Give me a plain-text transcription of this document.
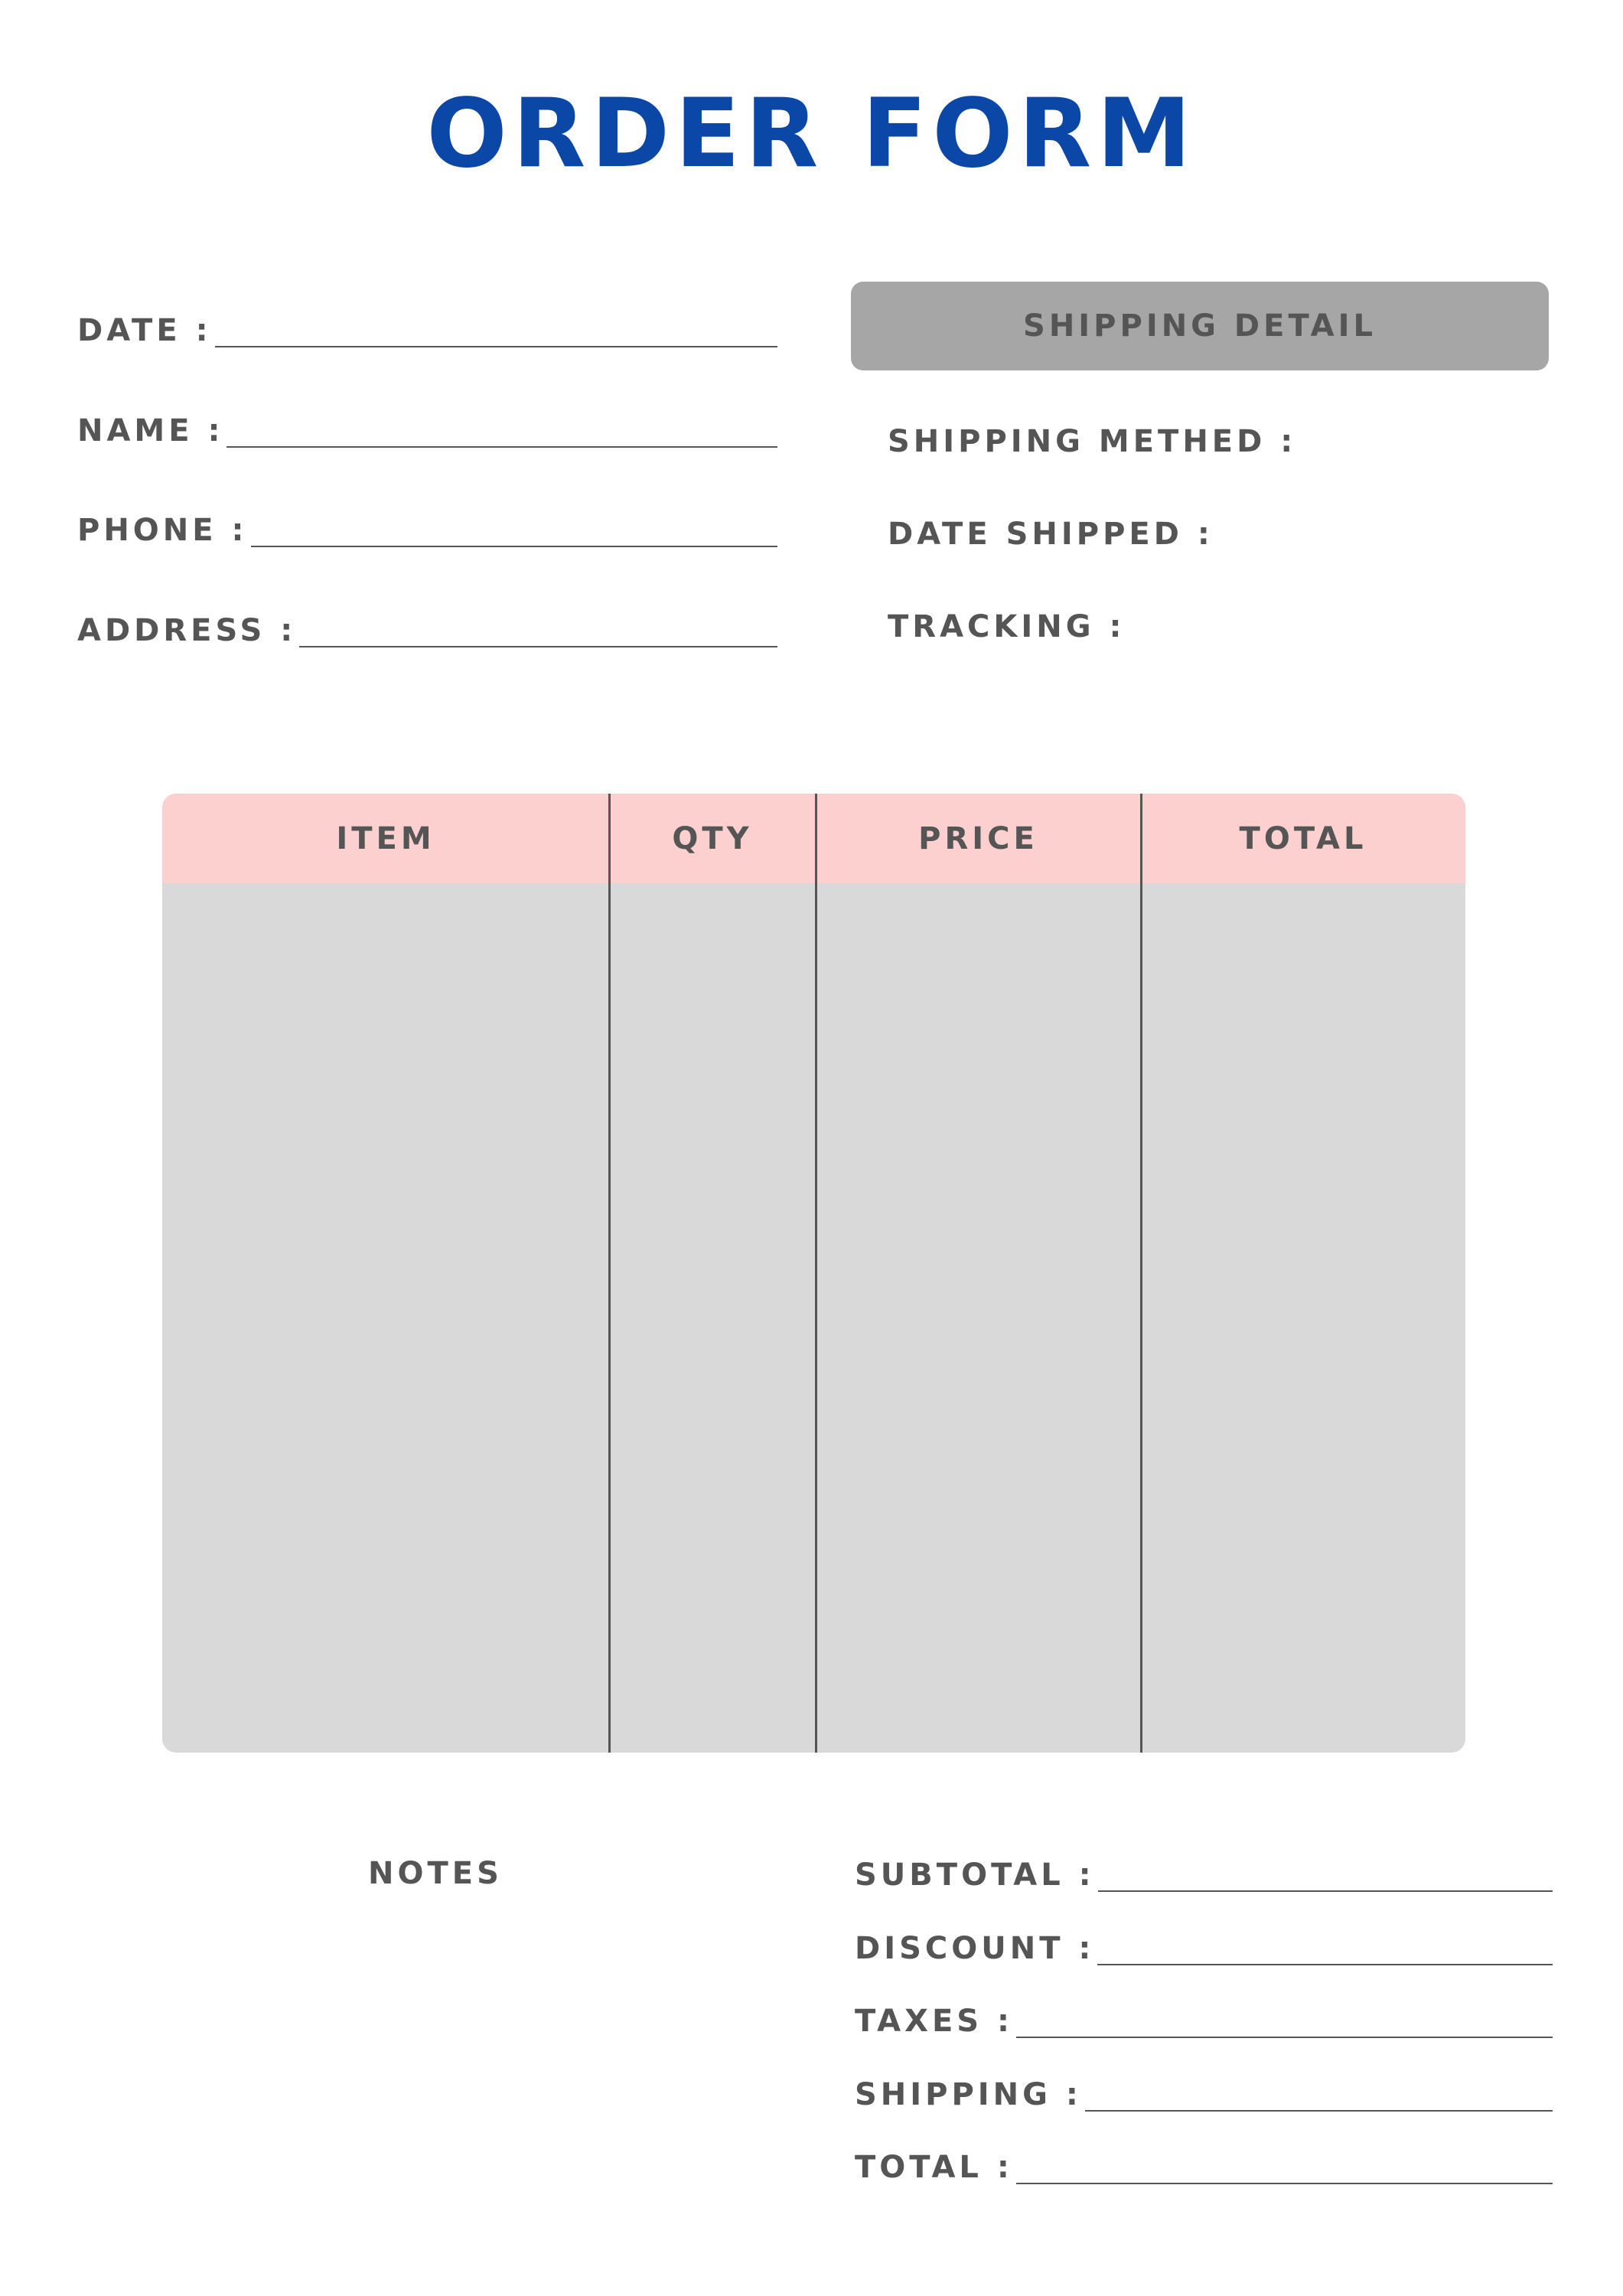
ORDER FORM
DATE :
NAME :
PHONE :
ADDRESS :
SHIPPING DETAIL
SHIPPING METHED :
DATE SHIPPED :
TRACKING :
ITEM	QTY	PRICE	TOTAL
NOTES	SUBTOTAL :
DISCOUNT :
TAXES :
SHIPPING :
TOTAL :
